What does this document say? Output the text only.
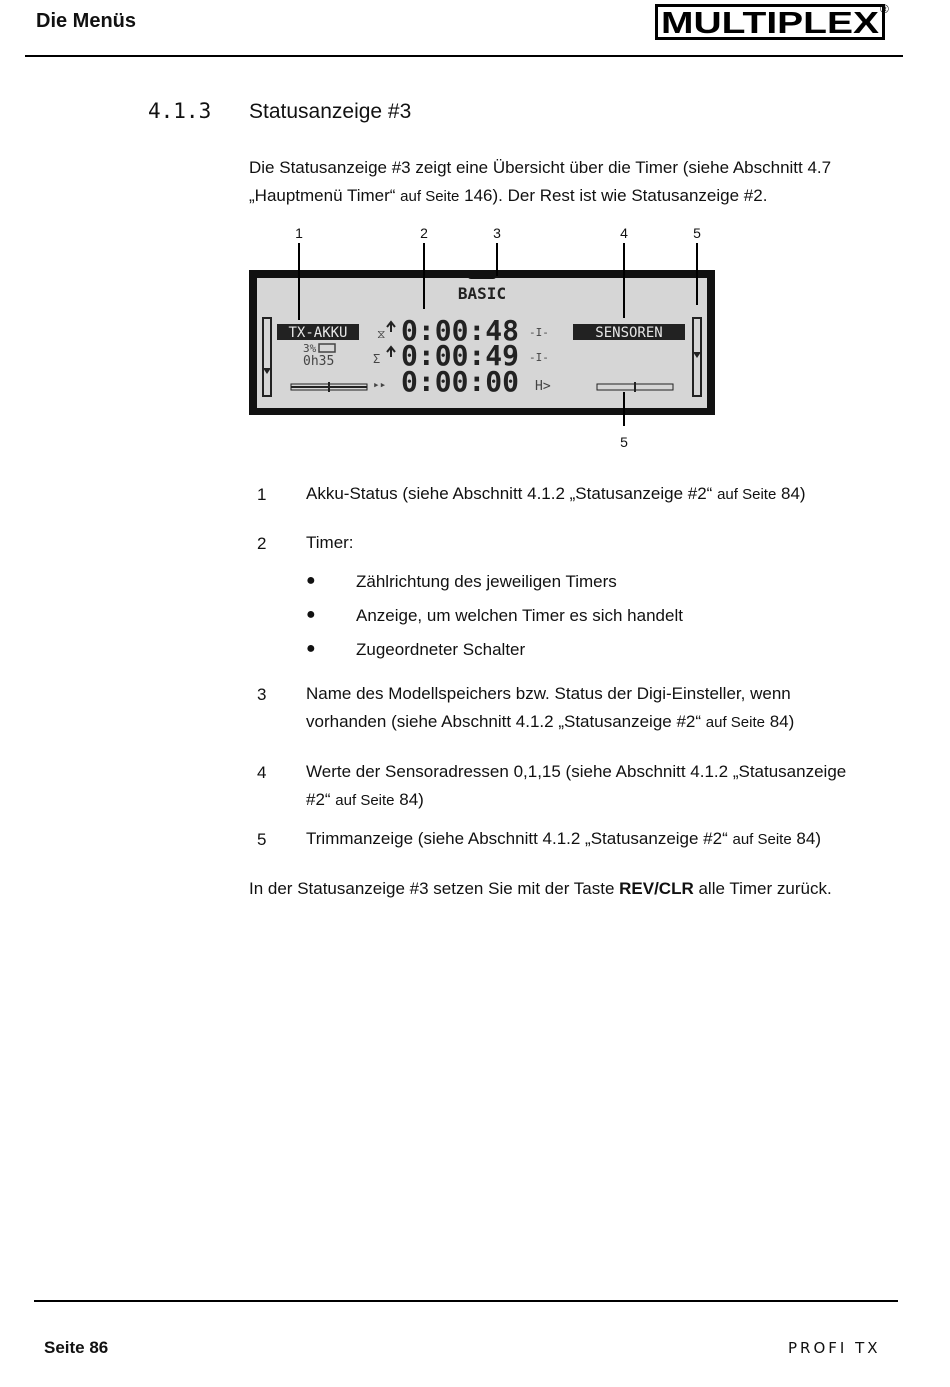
Die Menüs	MULTIPLEX ®
4.1.3 Statusanzeige #3
Die Statusanzeige #3 zeigt eine Übersicht über die Timer (siehe Abschnitt 4.7
„Hauptmenü Timer“ auf Seite 146). Der Rest ist wie Statusanzeige #2.
1	2	3	4	5
BASIC
TX-AKKU
3%
0h35
⧖
Σ
▸▸
0:00:48
0:00:49
0:00:00
-I-
-I-
H>
SENSOREN
5
1 Akku-Status (siehe Abschnitt 4.1.2 „Statusanzeige #2“ auf Seite 84)
2 Timer:
● Zählrichtung des jeweiligen Timers
● Anzeige, um welchen Timer es sich handelt
● Zugeordneter Schalter
3 Name des Modellspeichers bzw. Status der Digi-Einsteller, wenn
vorhanden (siehe Abschnitt 4.1.2 „Statusanzeige #2“ auf Seite 84)
4 Werte der Sensoradressen 0,1,15 (siehe Abschnitt 4.1.2 „Statusanzeige
#2“ auf Seite 84)
5 Trimmanzeige (siehe Abschnitt 4.1.2 „Statusanzeige #2“ auf Seite 84)
In der Statusanzeige #3 setzen Sie mit der Taste REV/CLR alle Timer zurück.
Seite 86	PROFI TX
